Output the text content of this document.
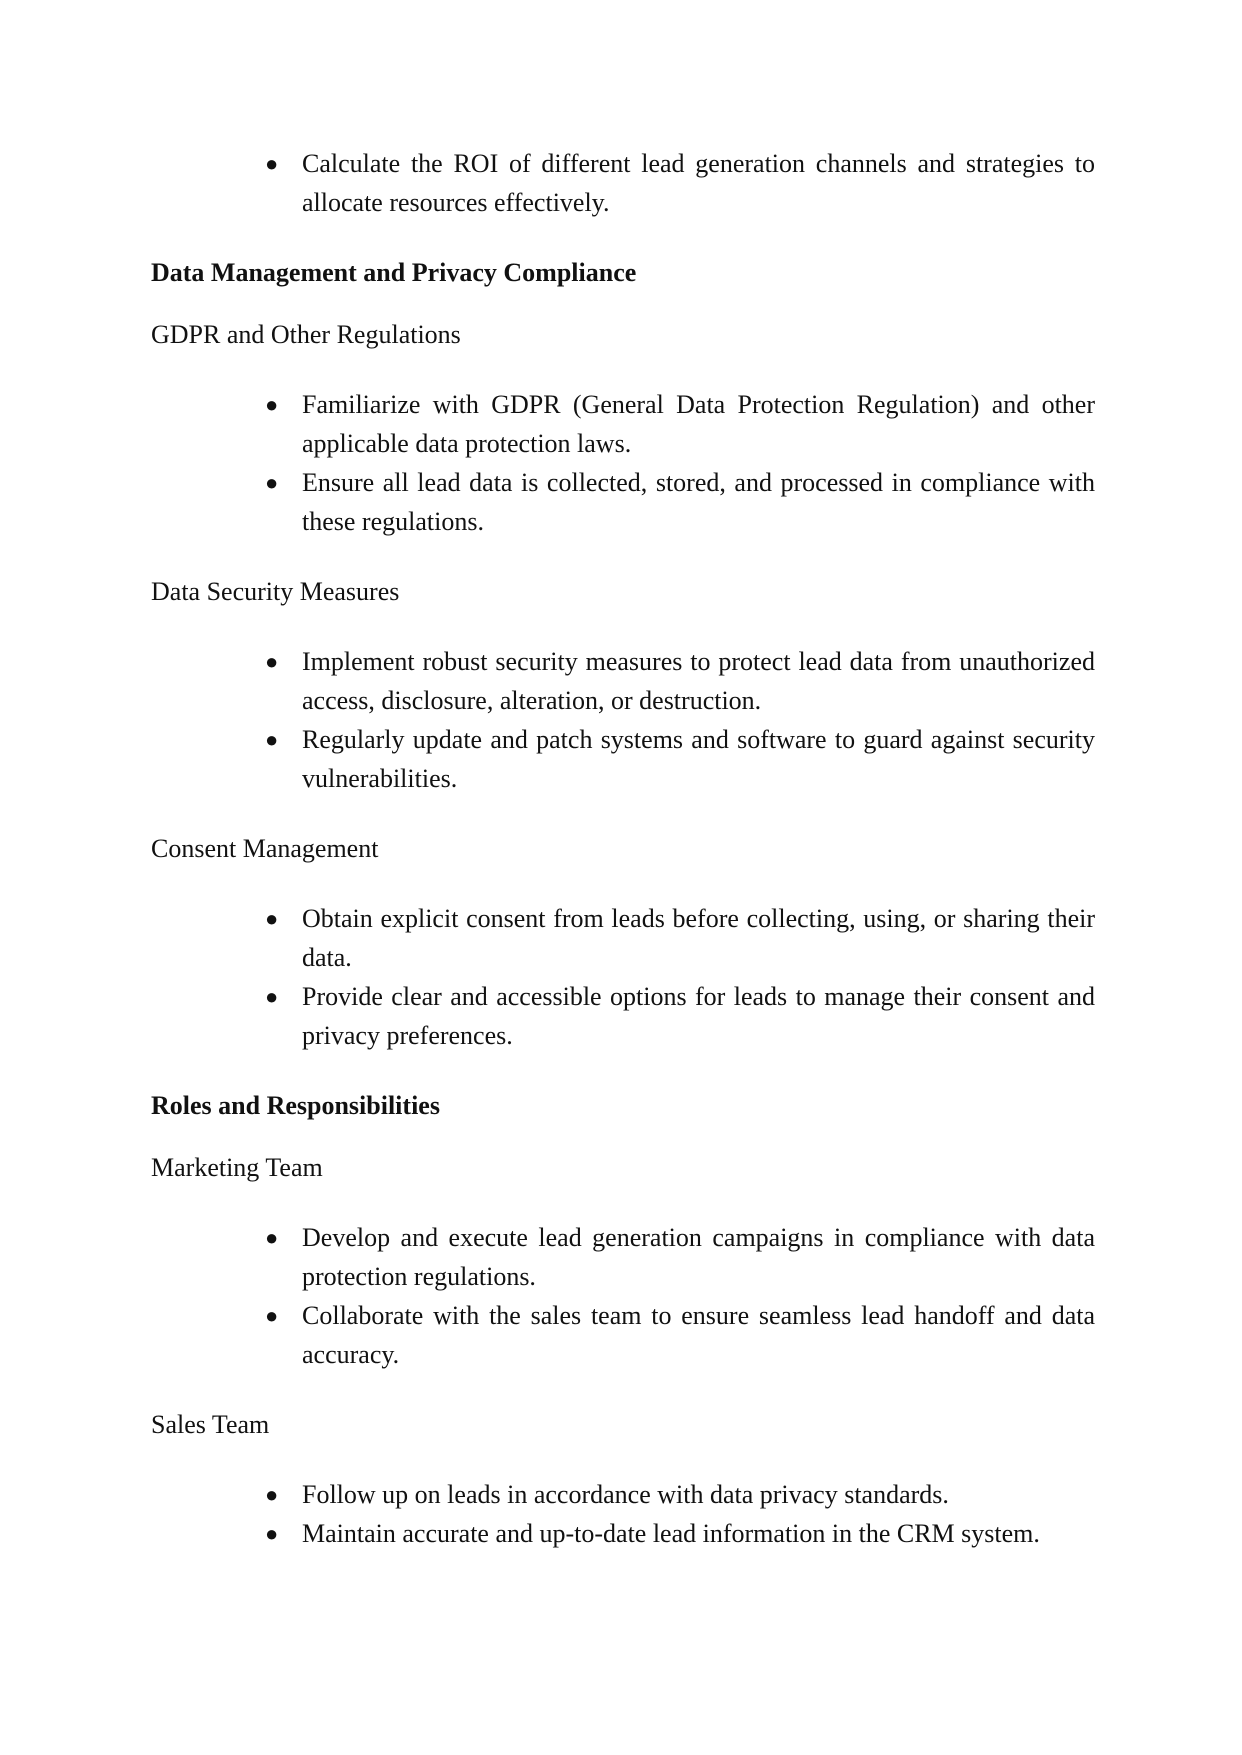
● Calculate the ROI of different lead generation channels and strategies to allocate resources effectively.

Data Management and Privacy Compliance

GDPR and Other Regulations

● Familiarize with GDPR (General Data Protection Regulation) and other applicable data protection laws.
● Ensure all lead data is collected, stored, and processed in compliance with these regulations.

Data Security Measures

● Implement robust security measures to protect lead data from unauthorized access, disclosure, alteration, or destruction.
● Regularly update and patch systems and software to guard against security vulnerabilities.

Consent Management

● Obtain explicit consent from leads before collecting, using, or sharing their data.
● Provide clear and accessible options for leads to manage their consent and privacy preferences.

Roles and Responsibilities

Marketing Team

● Develop and execute lead generation campaigns in compliance with data protection regulations.
● Collaborate with the sales team to ensure seamless lead handoff and data accuracy.

Sales Team

● Follow up on leads in accordance with data privacy standards.
● Maintain accurate and up-to-date lead information in the CRM system.
